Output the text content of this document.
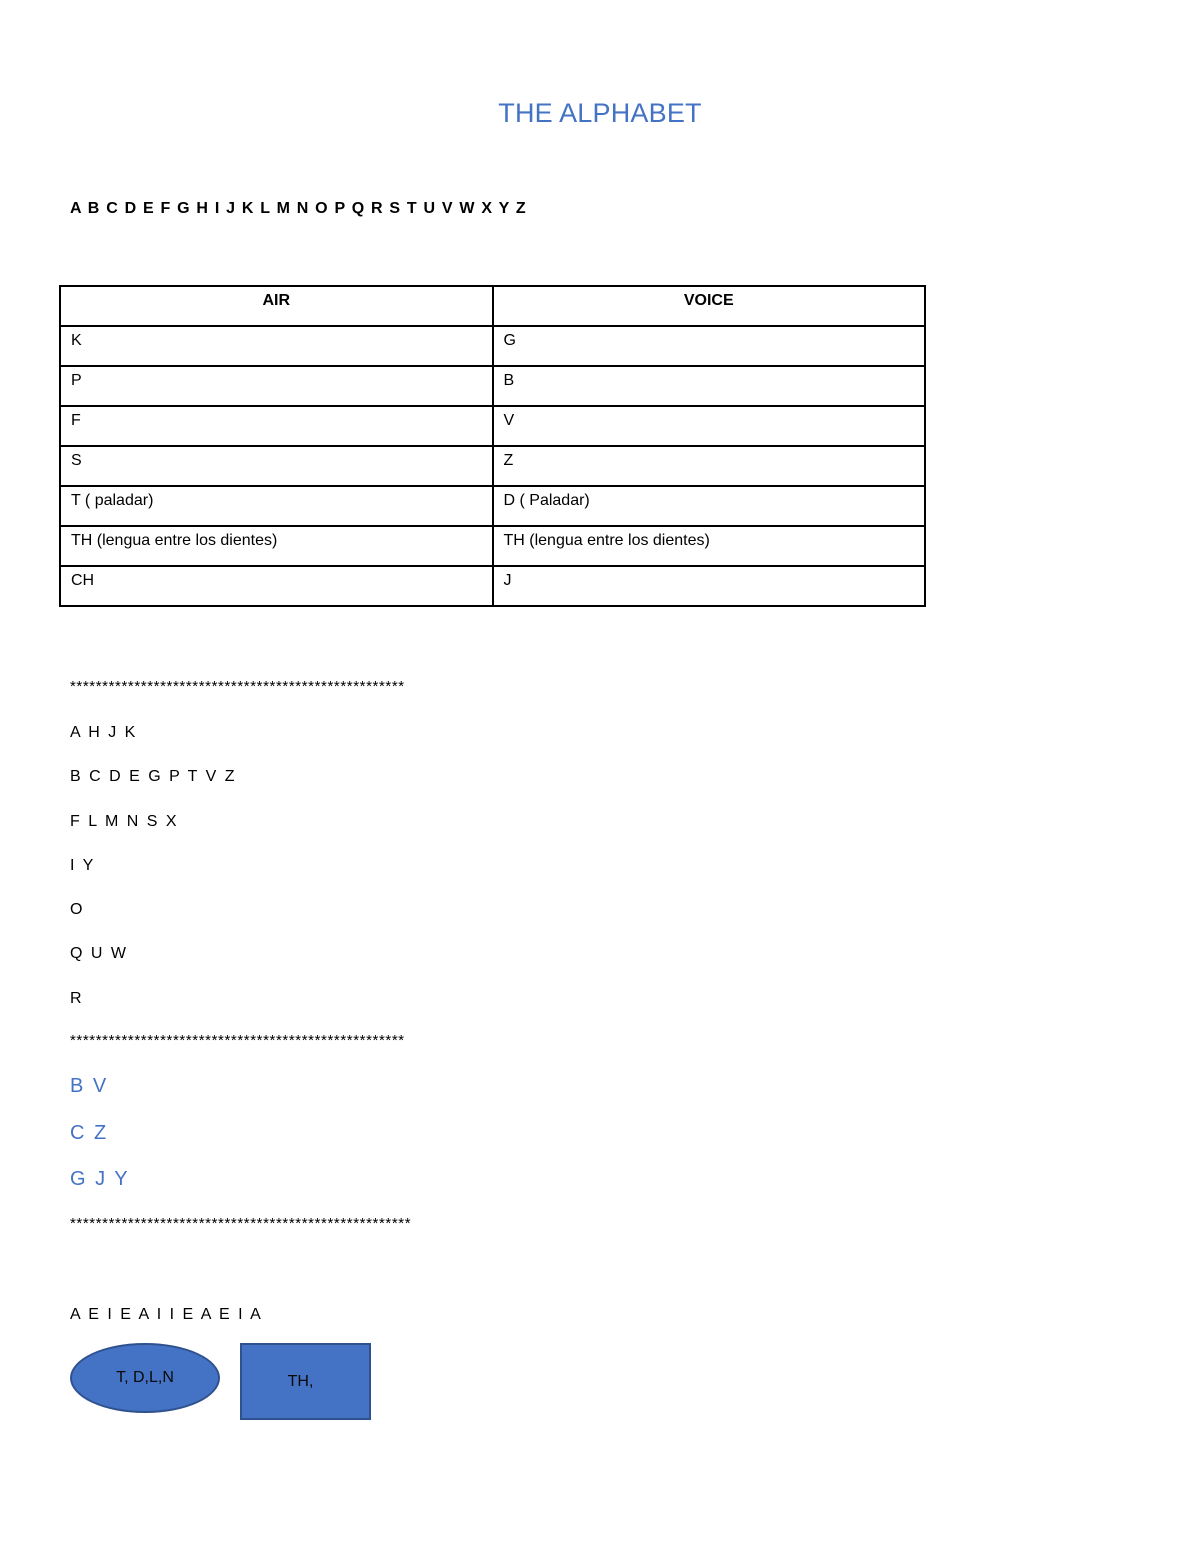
THE ALPHABET
A B C D E F G H I J K L M N O P Q R S T U V W X Y Z
AIR	VOICE
K	G
P	B
F	V
S	Z
T ( paladar)	D ( Paladar)
TH (lengua entre los dientes)	TH (lengua entre los dientes)
CH	J
****************************************************
A H J K
B C D E G P T V Z
F L M N S X
I Y
O
Q U W
R
****************************************************
B V
C Z
G J Y
*****************************************************
A E I E A I I E A E I A
T, D,L,N	TH,
